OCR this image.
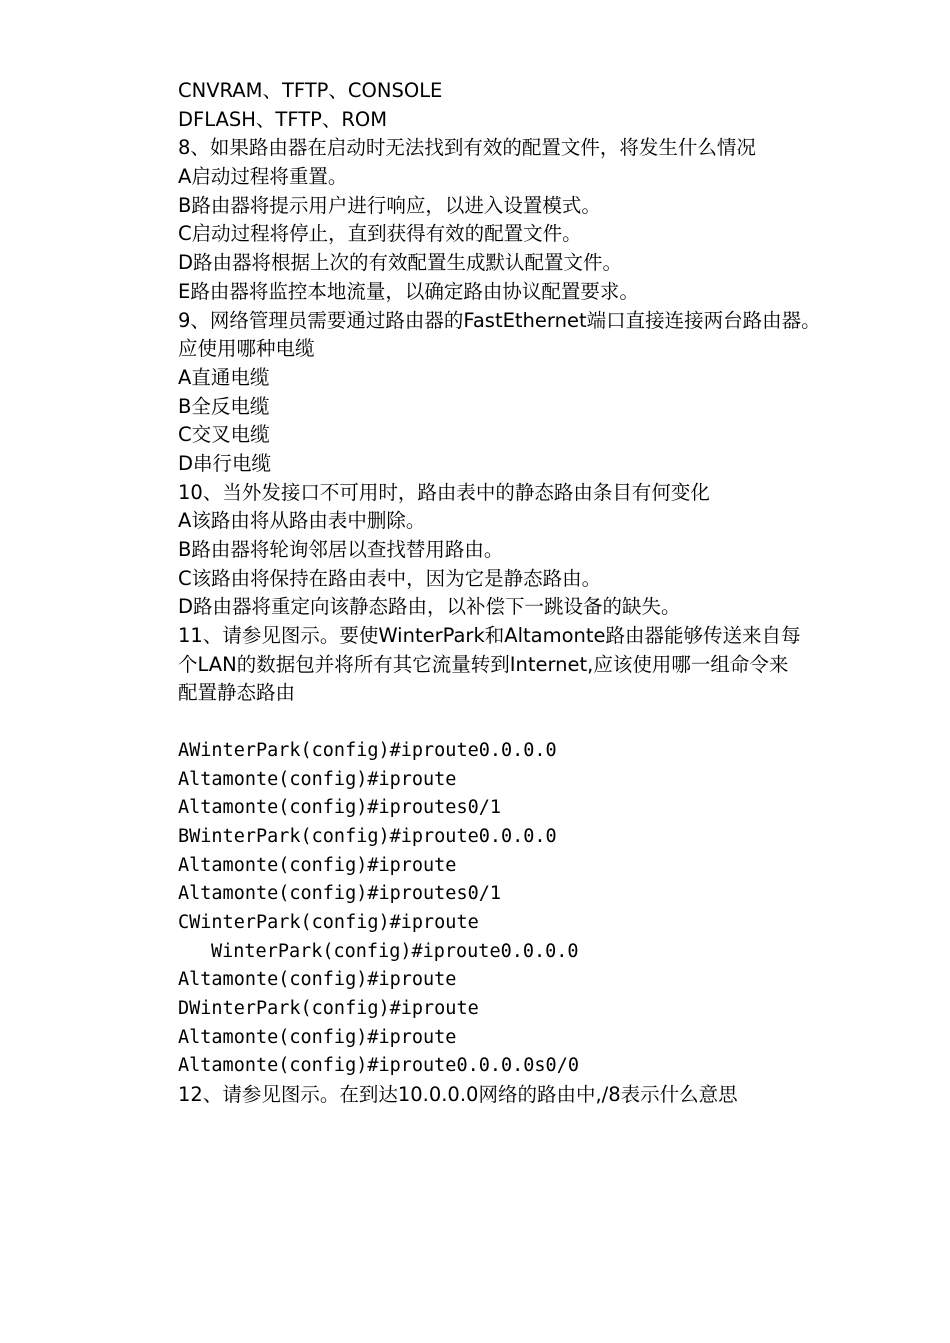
CNVRAM、TFTP、CONSOLE
DFLASH、TFTP、ROM
8、如果路由器在启动时无法找到有效的配置文件，将发生什么情况
A启动过程将重置。
B路由器将提示用户进行响应，以进入设置模式。
C启动过程将停止，直到获得有效的配置文件。
D路由器将根据上次的有效配置生成默认配置文件。
E路由器将监控本地流量，以确定路由协议配置要求。
9、网络管理员需要通过路由器的FastEthernet端口直接连接两台路由器。
应使用哪种电缆
A直通电缆
B全反电缆
C交叉电缆
D串行电缆
10、当外发接口不可用时，路由表中的静态路由条目有何变化
A该路由将从路由表中删除。
B路由器将轮询邻居以查找替用路由。
C该路由将保持在路由表中，因为它是静态路由。
D路由器将重定向该静态路由，以补偿下一跳设备的缺失。
11、请参见图示。要使WinterPark和Altamonte路由器能够传送来自每
个LAN的数据包并将所有其它流量转到Internet,应该使用哪一组命令来
配置静态路由
AWinterPark(config)#iproute0.0.0.0
Altamonte(config)#iproute
Altamonte(config)#iproutes0/1
BWinterPark(config)#iproute0.0.0.0
Altamonte(config)#iproute
Altamonte(config)#iproutes0/1
CWinterPark(config)#iproute
WinterPark(config)#iproute0.0.0.0
Altamonte(config)#iproute
DWinterPark(config)#iproute
Altamonte(config)#iproute
Altamonte(config)#iproute0.0.0.0s0/0
12、请参见图示。在到达10.0.0.0网络的路由中,/8表示什么意思
